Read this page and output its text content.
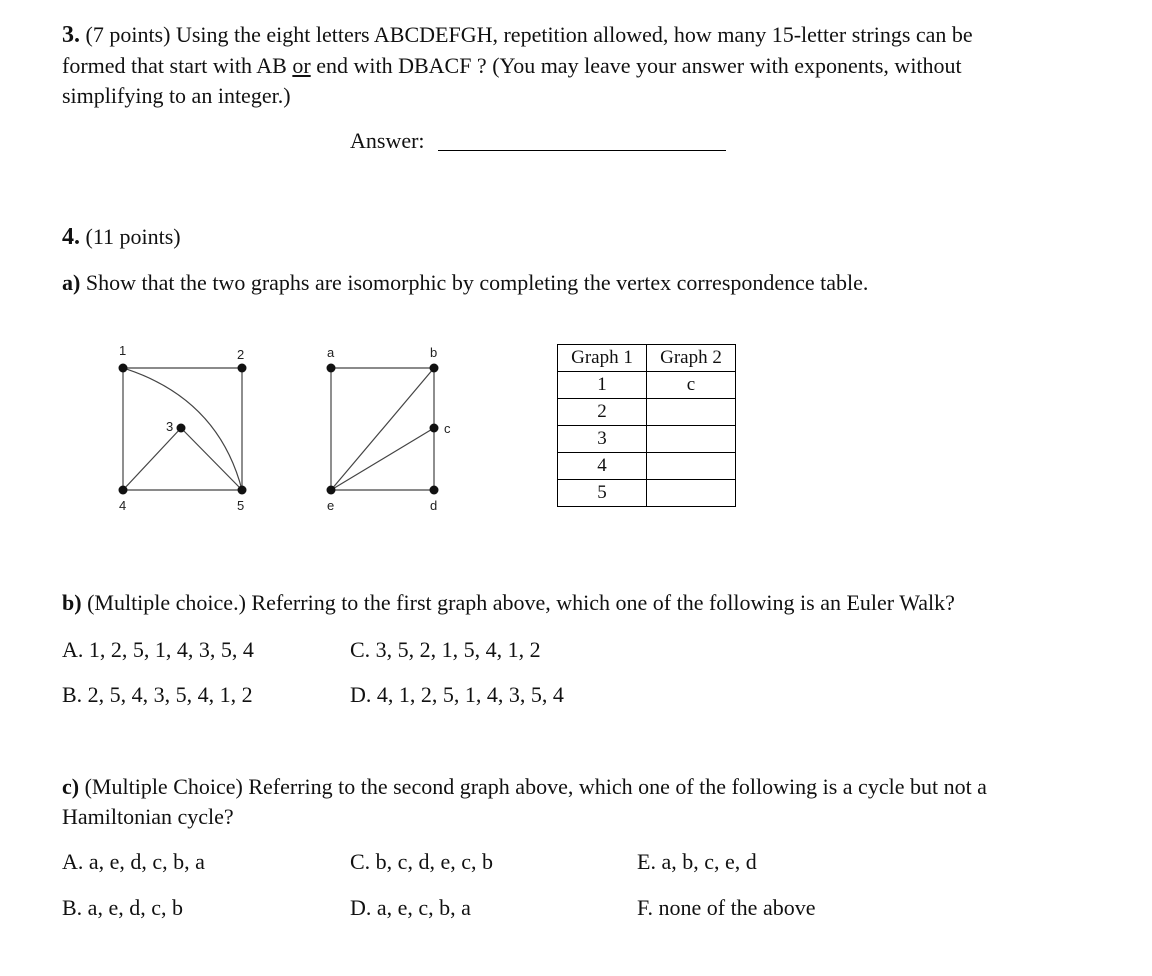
3. (7 points) Using the eight letters ABCDEFGH, repetition allowed, how many 15-letter strings can be
formed that start with AB or end with DBACF ? (You may leave your answer with exponents, without
simplifying to an integer.)
Answer:
4. (11 points)
a) Show that the two graphs are isomorphic by completing the vertex correspondence table.
1	2
3
4	5
a	b
c
d
e
Graph 1	Graph 2
1	c
2	
3	
4	
5	
b) (Multiple choice.) Referring to the first graph above, which one of the following is an Euler Walk?
A. 1, 2, 5, 1, 4, 3, 5, 4	C. 3, 5, 2, 1, 5, 4, 1, 2
B. 2, 5, 4, 3, 5, 4, 1, 2	D. 4, 1, 2, 5, 1, 4, 3, 5, 4
c) (Multiple Choice) Referring to the second graph above, which one of the following is a cycle but not a
Hamiltonian cycle?
A. a, e, d, c, b, a	C. b, c, d, e, c, b	E. a, b, c, e, d
B. a, e, d, c, b	D. a, e, c, b, a	F. none of the above
